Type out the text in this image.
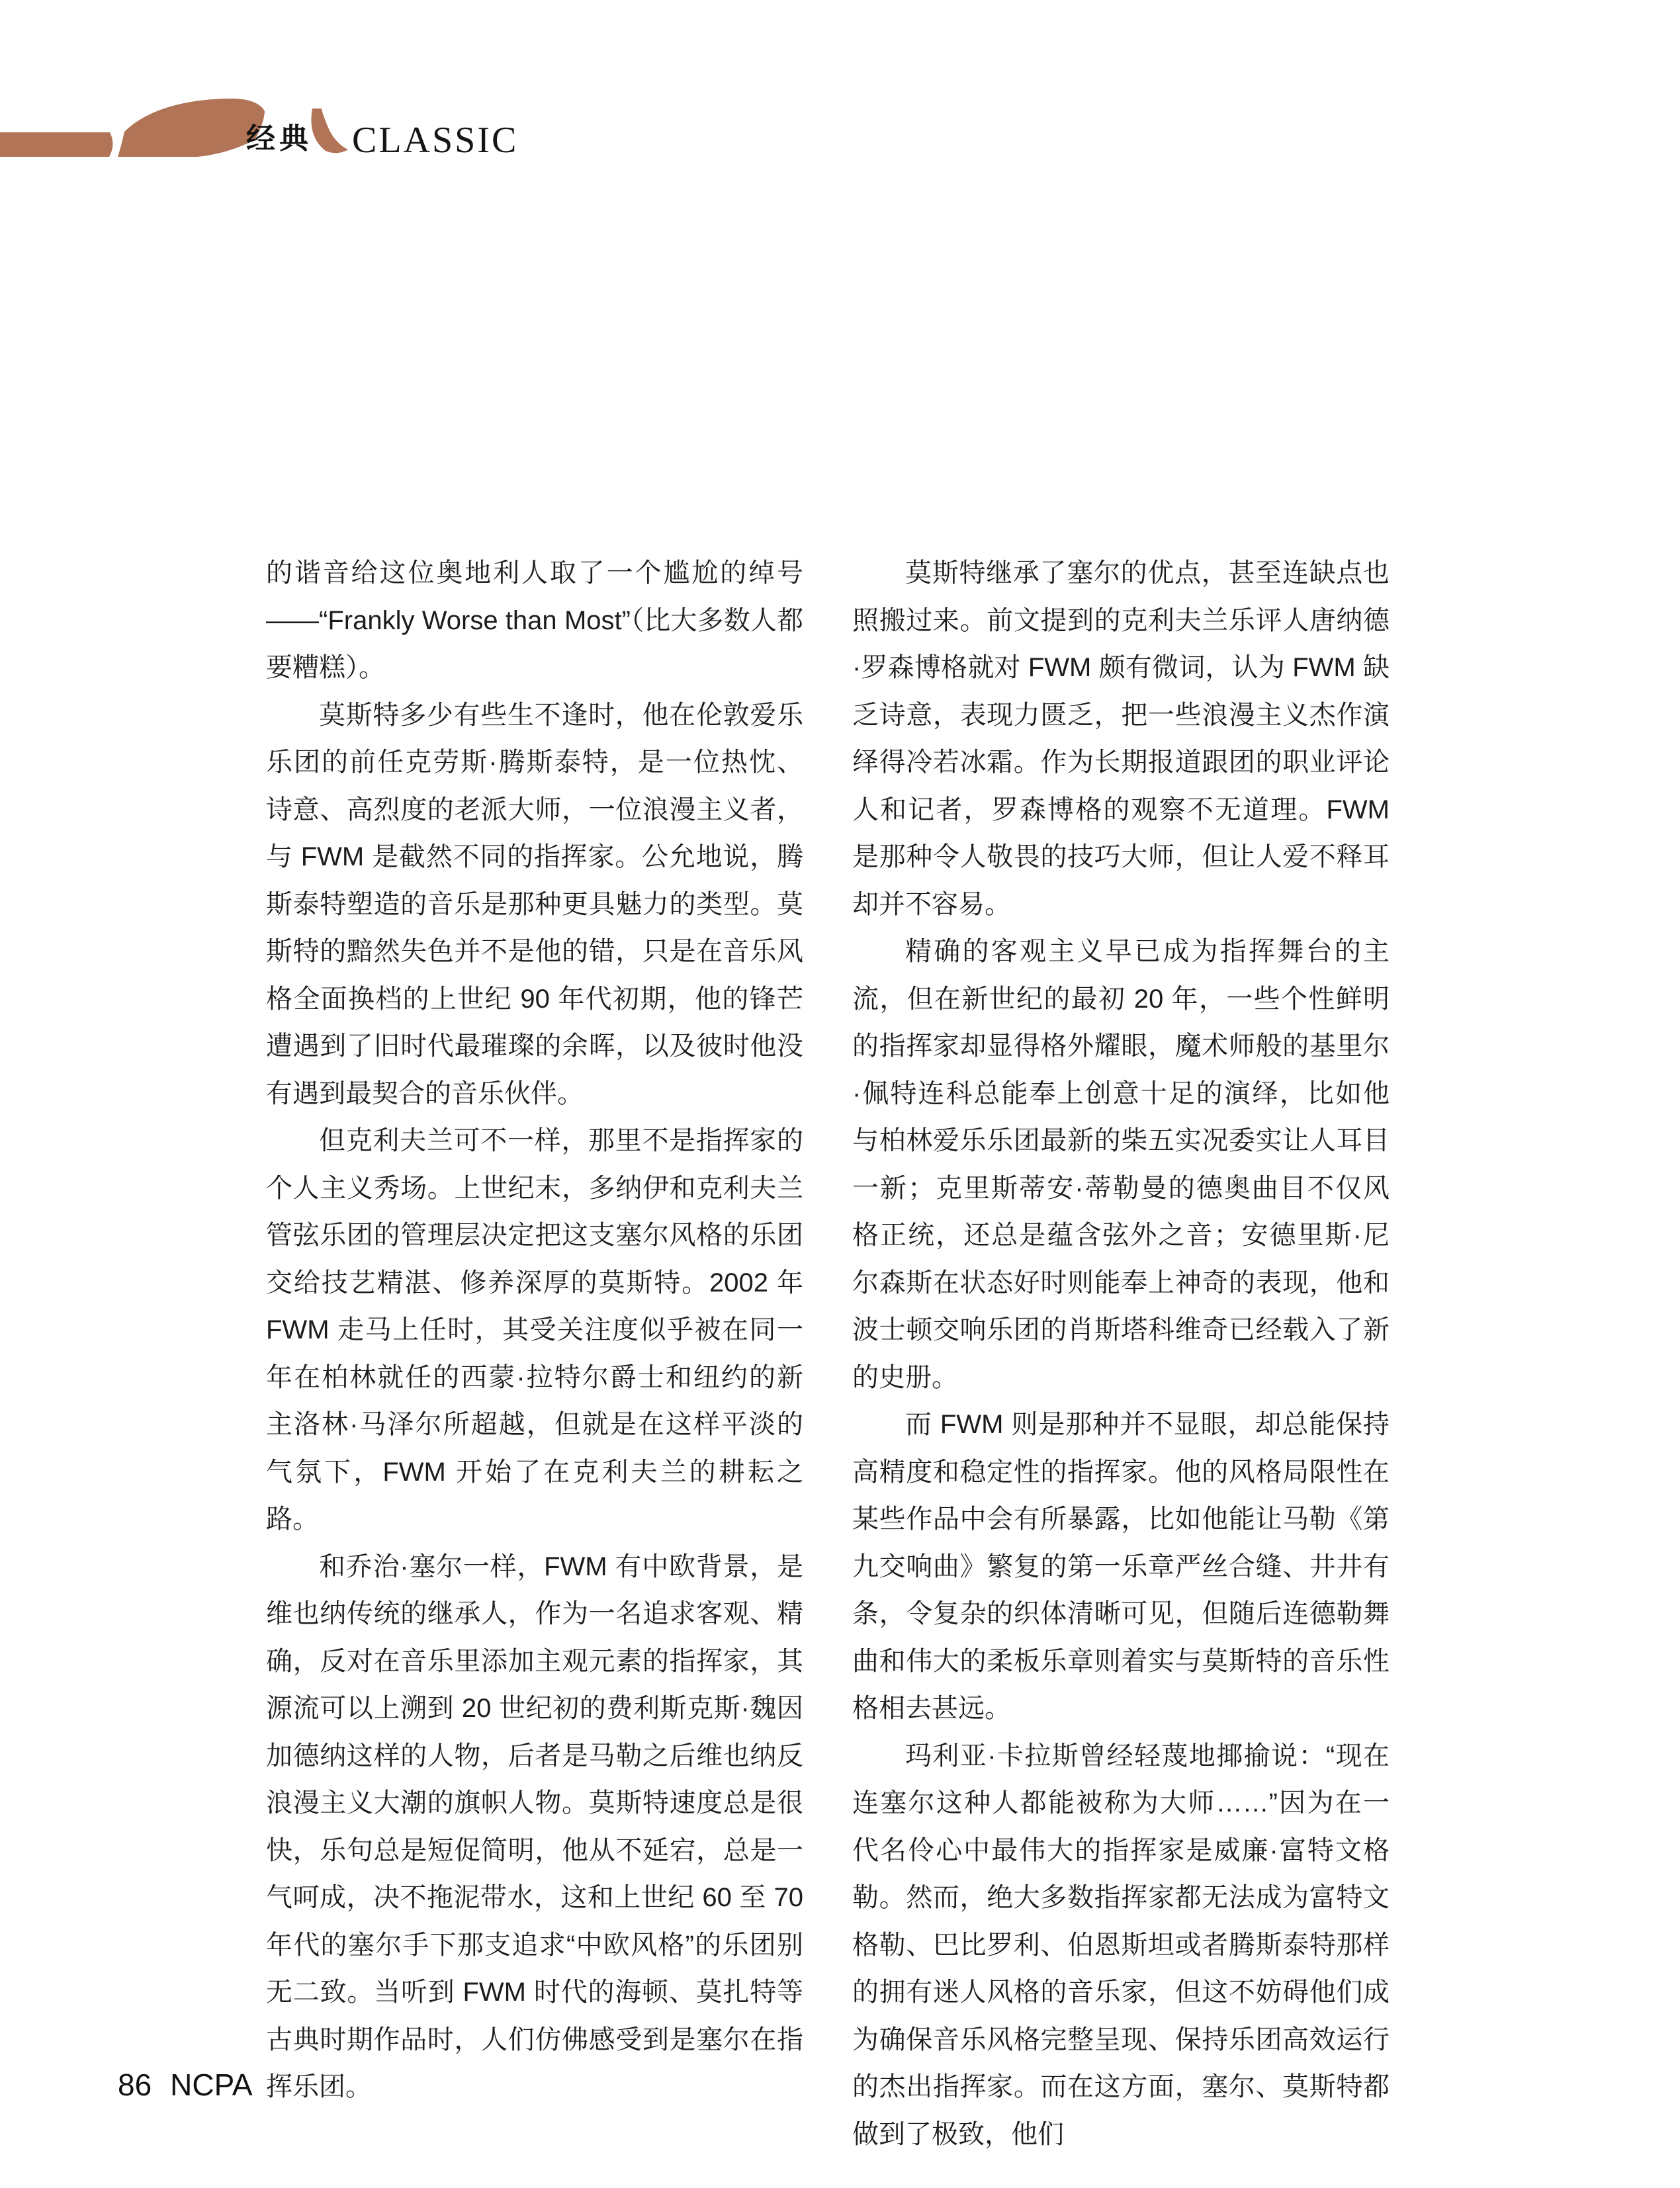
经典 CLASSIC

的谐音给这位奥地利人取了一个尴尬的绰号——“Frankly Worse than Most”（比大多数人都要糟糕）。

莫斯特多少有些生不逢时，他在伦敦爱乐乐团的前任克劳斯·腾斯泰特，是一位热忱、诗意、高烈度的老派大师，一位浪漫主义者，与 FWM 是截然不同的指挥家。公允地说，腾斯泰特塑造的音乐是那种更具魅力的类型。莫斯特的黯然失色并不是他的错，只是在音乐风格全面换档的上世纪 90 年代初期，他的锋芒遭遇到了旧时代最璀璨的余晖，以及彼时他没有遇到最契合的音乐伙伴。

但克利夫兰可不一样，那里不是指挥家的个人主义秀场。上世纪末，多纳伊和克利夫兰管弦乐团的管理层决定把这支塞尔风格的乐团交给技艺精湛、修养深厚的莫斯特。2002 年 FWM 走马上任时，其受关注度似乎被在同一年在柏林就任的西蒙·拉特尔爵士和纽约的新主洛林·马泽尔所超越，但就是在这样平淡的气氛下，FWM 开始了在克利夫兰的耕耘之路。

和乔治·塞尔一样，FWM 有中欧背景，是维也纳传统的继承人，作为一名追求客观、精确，反对在音乐里添加主观元素的指挥家，其源流可以上溯到 20 世纪初的费利斯克斯·魏因加德纳这样的人物，后者是马勒之后维也纳反浪漫主义大潮的旗帜人物。莫斯特速度总是很快，乐句总是短促简明，他从不延宕，总是一气呵成，决不拖泥带水，这和上世纪 60 至 70 年代的塞尔手下那支追求“中欧风格”的乐团别无二致。当听到 FWM 时代的海顿、莫扎特等古典时期作品时，人们仿佛感受到是塞尔在指挥乐团。

莫斯特继承了塞尔的优点，甚至连缺点也照搬过来。前文提到的克利夫兰乐评人唐纳德·罗森博格就对 FWM 颇有微词，认为 FWM 缺乏诗意，表现力匮乏，把一些浪漫主义杰作演绎得冷若冰霜。作为长期报道跟团的职业评论人和记者，罗森博格的观察不无道理。FWM 是那种令人敬畏的技巧大师，但让人爱不释耳却并不容易。

精确的客观主义早已成为指挥舞台的主流，但在新世纪的最初 20 年，一些个性鲜明的指挥家却显得格外耀眼，魔术师般的基里尔·佩特连科总能奉上创意十足的演绎，比如他与柏林爱乐乐团最新的柴五实况委实让人耳目一新；克里斯蒂安·蒂勒曼的德奥曲目不仅风格正统，还总是蕴含弦外之音；安德里斯·尼尔森斯在状态好时则能奉上神奇的表现，他和波士顿交响乐团的肖斯塔科维奇已经载入了新的史册。

而 FWM 则是那种并不显眼，却总能保持高精度和稳定性的指挥家。他的风格局限性在某些作品中会有所暴露，比如他能让马勒《第九交响曲》繁复的第一乐章严丝合缝、井井有条，令复杂的织体清晰可见，但随后连德勒舞曲和伟大的柔板乐章则着实与莫斯特的音乐性格相去甚远。

玛利亚·卡拉斯曾经轻蔑地揶揄说：“现在连塞尔这种人都能被称为大师……”因为在一代名伶心中最伟大的指挥家是威廉·富特文格勒。然而，绝大多数指挥家都无法成为富特文格勒、巴比罗利、伯恩斯坦或者腾斯泰特那样的拥有迷人风格的音乐家，但这不妨碍他们成为确保音乐风格完整呈现、保持乐团高效运行的杰出指挥家。而在这方面，塞尔、莫斯特都做到了极致，他们

86 NCPA
